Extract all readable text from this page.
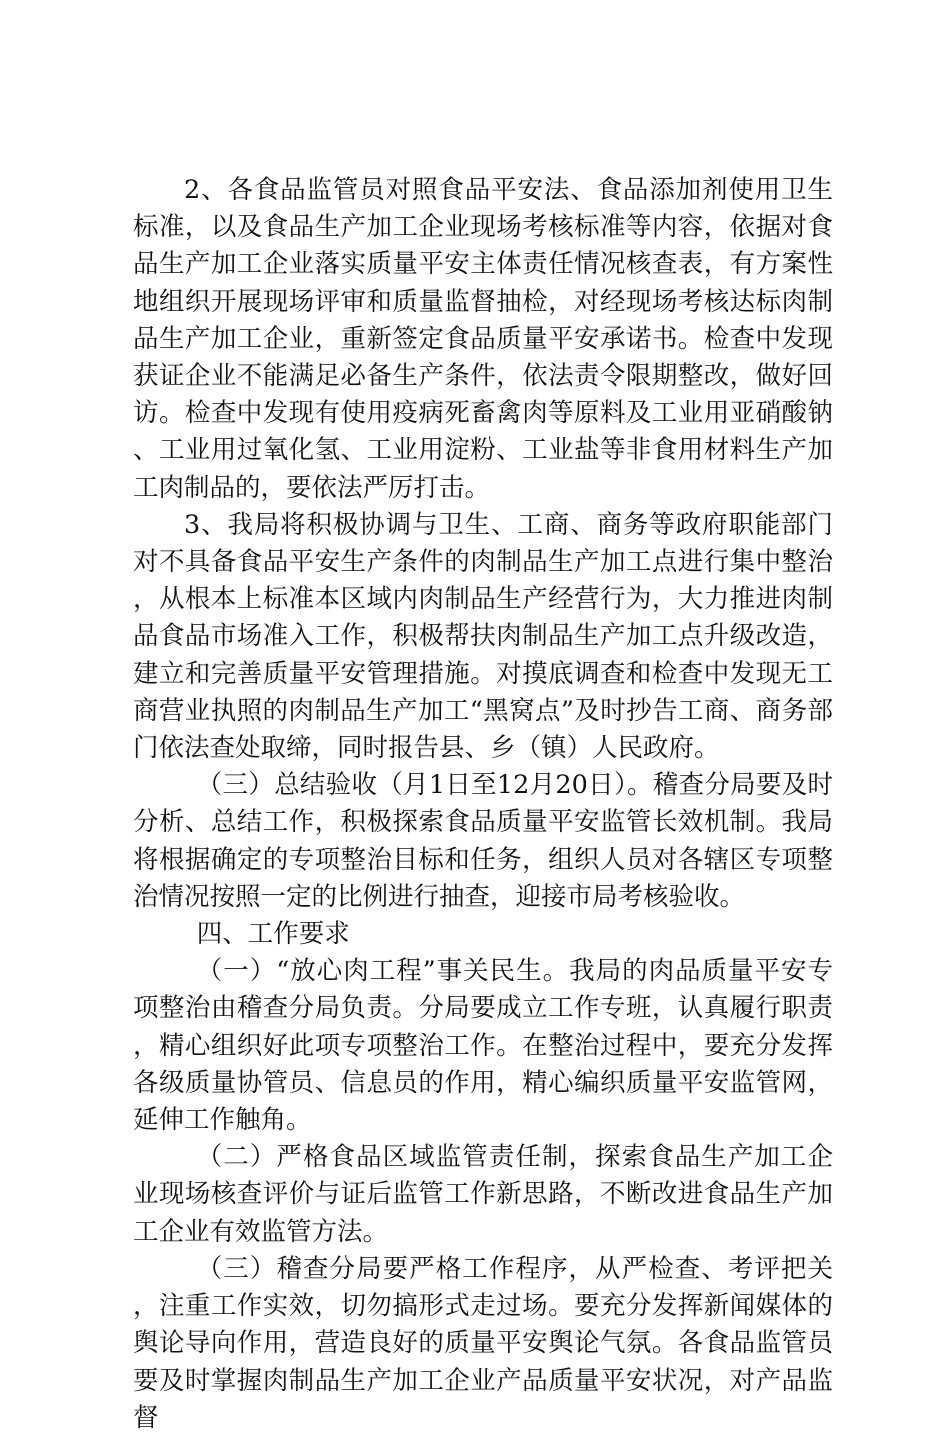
2、各食品监管员对照食品平安法、食品添加剂使用卫生标准，以及食品生产加工企业现场考核标准等内容，依据对食品生产加工企业落实质量平安主体责任情况核查表，有方案性地组织开展现场评审和质量监督抽检，对经现场考核达标肉制品生产加工企业，重新签定食品质量平安承诺书。检查中发现获证企业不能满足必备生产条件，依法责令限期整改，做好回访。检查中发现有使用疫病死畜禽肉等原料及工业用亚硝酸钠、工业用过氧化氢、工业用淀粉、工业盐等非食用材料生产加工肉制品的，要依法严厉打击。

3、我局将积极协调与卫生、工商、商务等政府职能部门对不具备食品平安生产条件的肉制品生产加工点进行集中整治，从根本上标准本区域内肉制品生产经营行为，大力推进肉制品食品市场准入工作，积极帮扶肉制品生产加工点升级改造，建立和完善质量平安管理措施。对摸底调查和检查中发现无工商营业执照的肉制品生产加工“黑窝点”及时抄告工商、商务部门依法查处取缔，同时报告县、乡（镇）人民政府。

（三）总结验收（月1日至12月20日）。稽查分局要及时分析、总结工作，积极探索食品质量平安监管长效机制。我局将根据确定的专项整治目标和任务，组织人员对各辖区专项整治情况按照一定的比例进行抽查，迎接市局考核验收。

四、工作要求

（一）“放心肉工程”事关民生。我局的肉品质量平安专项整治由稽查分局负责。分局要成立工作专班，认真履行职责，精心组织好此项专项整治工作。在整治过程中，要充分发挥各级质量协管员、信息员的作用，精心编织质量平安监管网，延伸工作触角。

（二）严格食品区域监管责任制，探索食品生产加工企业现场核查评价与证后监管工作新思路，不断改进食品生产加工企业有效监管方法。

（三）稽查分局要严格工作程序，从严检查、考评把关，注重工作实效，切勿搞形式走过场。要充分发挥新闻媒体的舆论导向作用，营造良好的质量平安舆论气氛。各食品监管员要及时掌握肉制品生产加工企业产品质量平安状况，对产品监督
